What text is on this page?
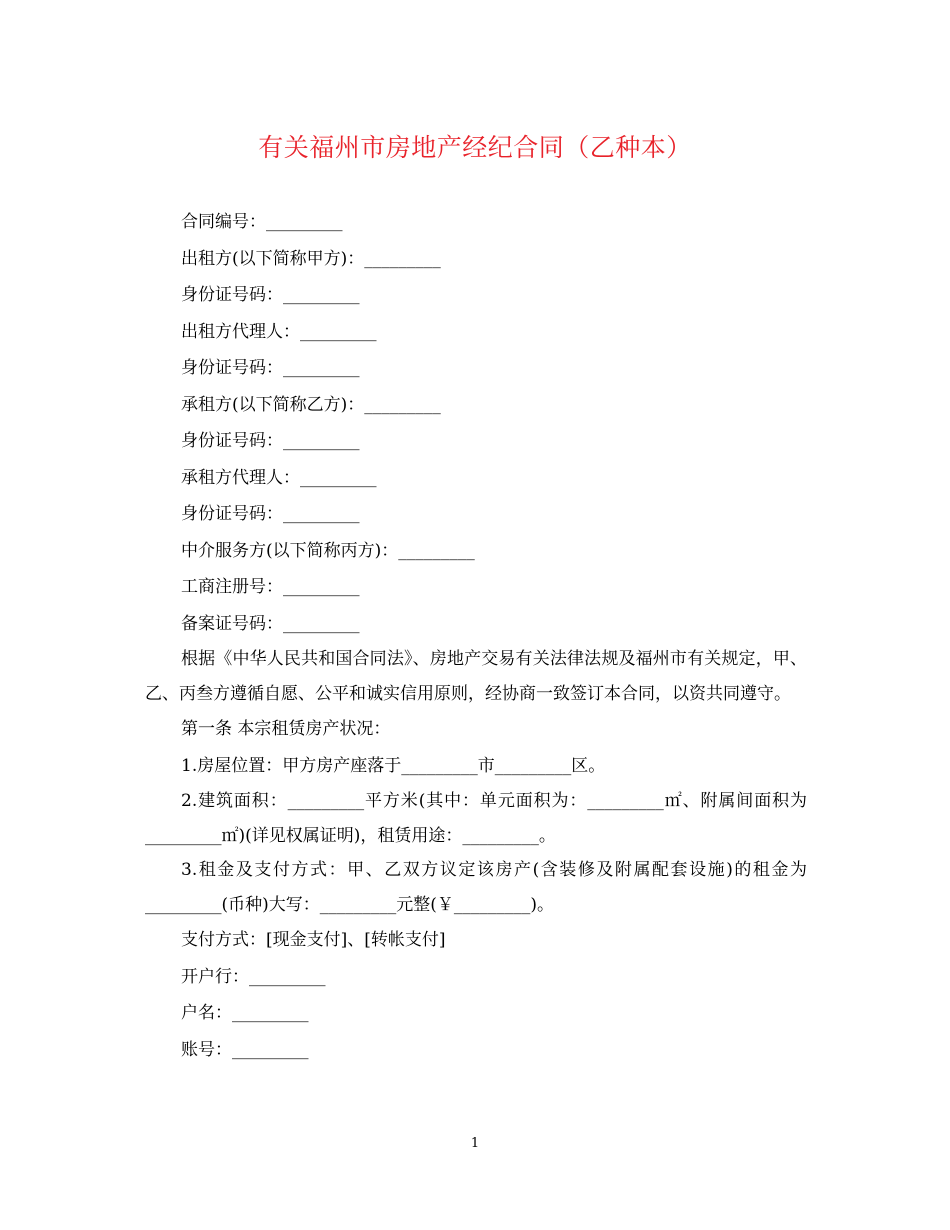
有关福州市房地产经纪合同（乙种本）
合同编号：_________
出租方(以下简称甲方)：_________
身份证号码：_________
出租方代理人：_________
身份证号码：_________
承租方(以下简称乙方)：_________
身份证号码：_________
承租方代理人：_________
身份证号码：_________
中介服务方(以下简称丙方)：_________
工商注册号：_________
备案证号码：_________
根据《中华人民共和国合同法》、房地产交易有关法律法规及福州市有关规定，甲、乙、丙叁方遵循自愿、公平和诚实信用原则，经协商一致签订本合同，以资共同遵守。
第一条 本宗租赁房产状况：
1.房屋位置：甲方房产座落于_________市_________区。
2.建筑面积：_________平方米(其中：单元面积为：_________㎡、附属间面积为_________㎡)(详见权属证明)，租赁用途：_________。
3.租金及支付方式：甲、乙双方议定该房产(含装修及附属配套设施)的租金为_________(币种)大写：_________元整(￥_________)。
支付方式：[现金支付]、[转帐支付]
开户行：_________
户名：_________
账号：_________
1
